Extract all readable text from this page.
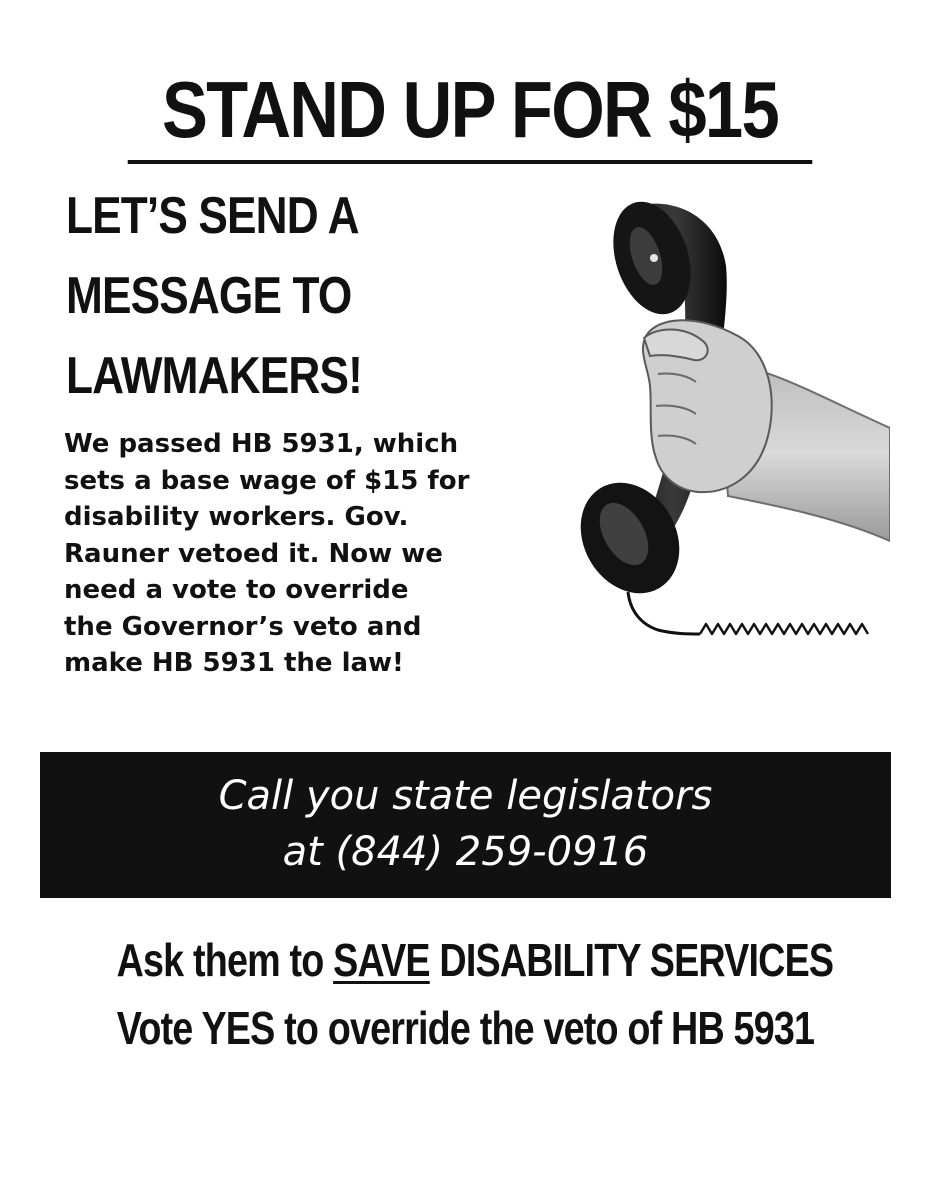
STAND UP FOR $15
LET’S SEND A
MESSAGE TO
LAWMAKERS!
We passed HB 5931, which
sets a base wage of $15 for
disability workers. Gov.
Rauner vetoed it. Now we
need a vote to override
the Governor’s veto and
make HB 5931 the law!
Call you state legislators
at (844) 259-0916
Ask them to SAVE DISABILITY SERVICES
Vote YES to override the veto of HB 5931
